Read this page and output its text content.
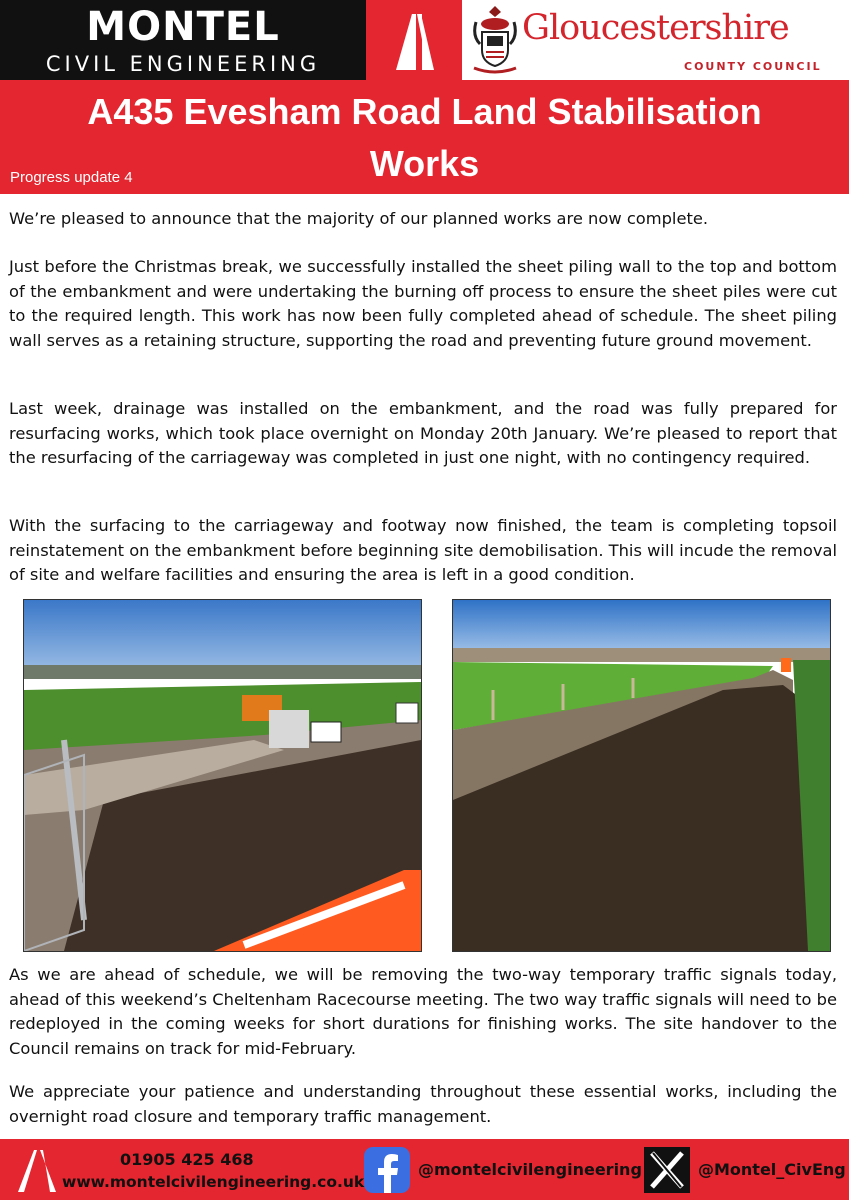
MONTEL
CIVIL ENGINEERING
Gloucestershire
COUNTY COUNCIL
A435 Evesham Road Land Stabilisation Works
Progress update 4
We’re pleased to announce that the majority of our planned works are now complete.
Just before the Christmas break, we successfully installed the sheet piling wall to the top and bottom of the embankment and were undertaking the burning off process to ensure the sheet piles were cut to the required length. This work has now been fully completed ahead of schedule. The sheet piling wall serves as a retaining structure, supporting the road and preventing future ground movement.
Last week, drainage was installed on the embankment, and the road was fully prepared for resurfacing works, which took place overnight on Monday 20th January. We’re pleased to report that the resurfacing of the carriageway was completed in just one night, with no contingency required.
With the surfacing to the carriageway and footway now finished, the team is completing topsoil reinstatement on the embankment before beginning site demobilisation. This will incude the removal of site and welfare facilities and ensuring the area is left in a good condition.
As we are ahead of schedule, we will be removing the two-way temporary traffic signals today, ahead of this weekend’s Cheltenham Racecourse meeting. The two way traffic signals will need to be redeployed in the coming weeks for short durations for finishing works. The site handover to the Council remains on track for mid-February.
We appreciate your patience and understanding throughout these essential works, including the overnight road closure and temporary traffic management.
01905 425 468
www.montelcivilengineering.co.uk
@montelcivilengineering	@Montel_CivEng
